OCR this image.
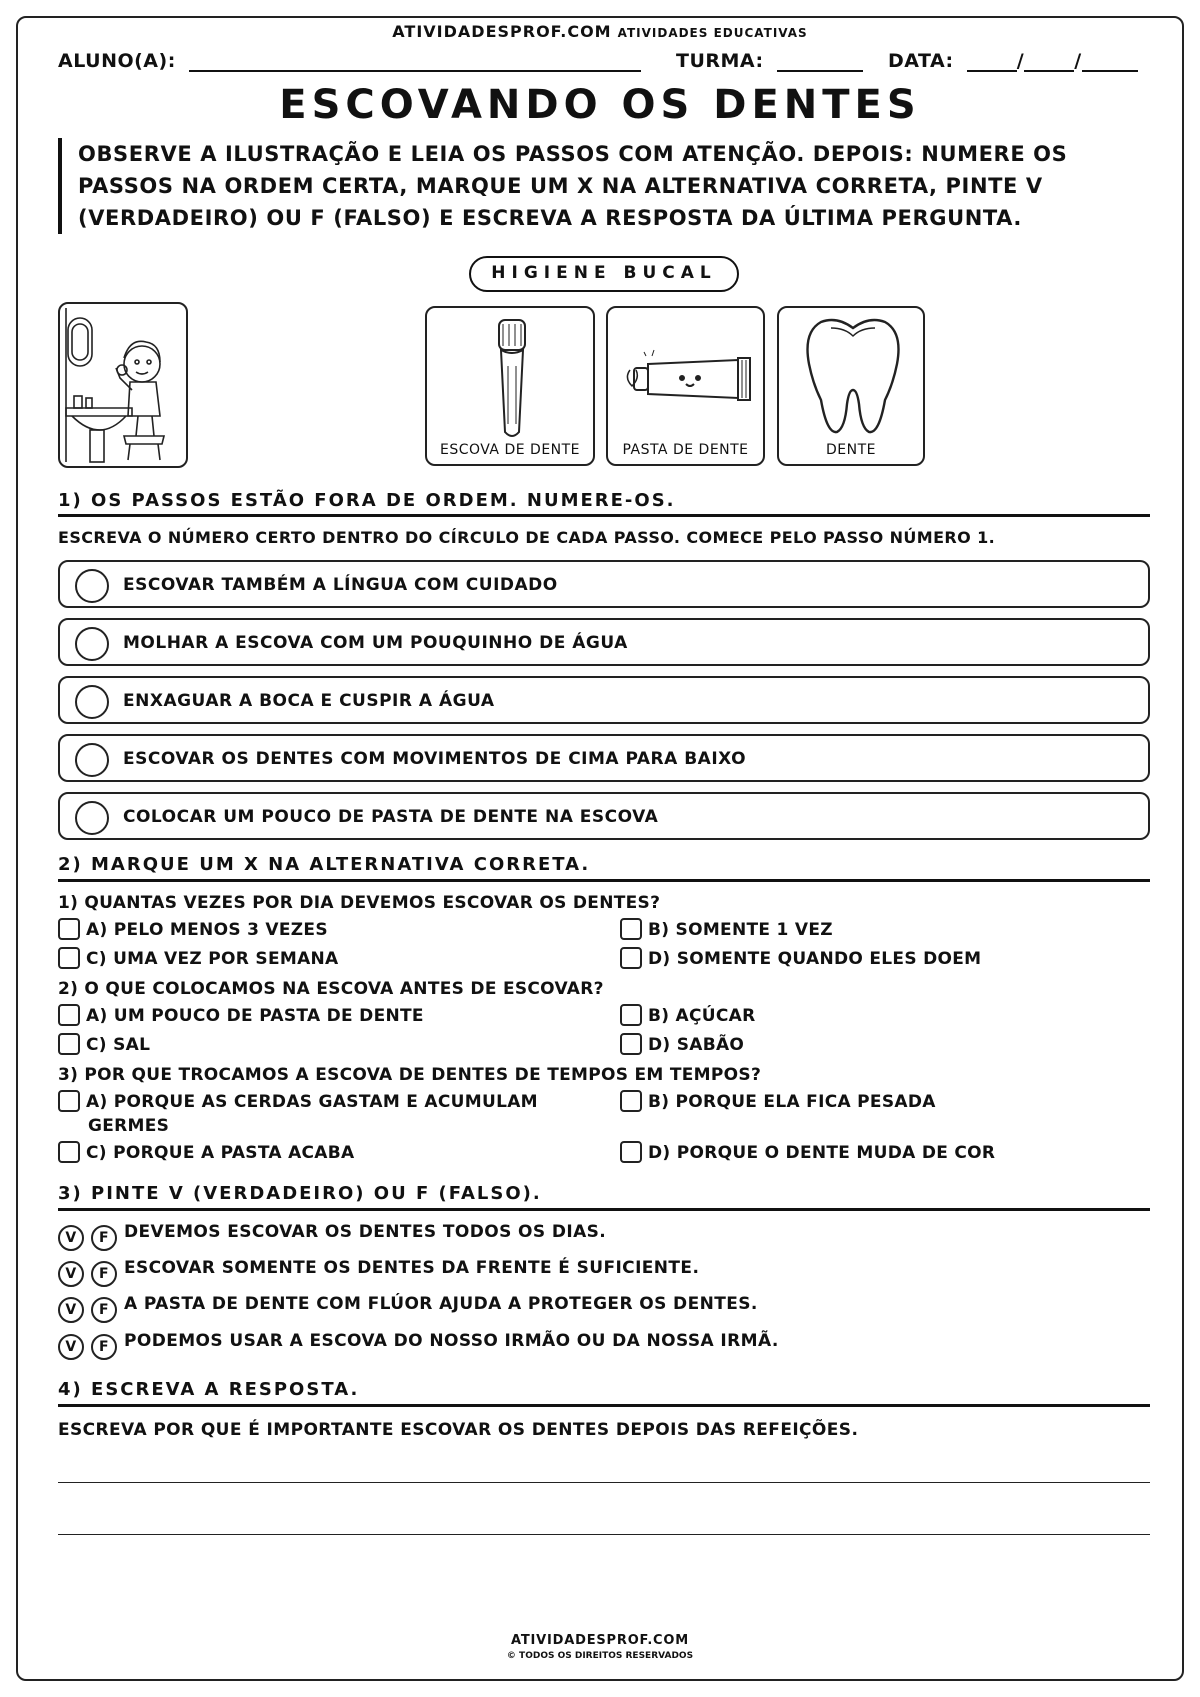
ATIVIDADESPROF.COM ATIVIDADES EDUCATIVAS
ALUNO(A):	TURMA:	DATA:	/	/
ESCOVANDO OS DENTES
OBSERVE A ILUSTRAÇÃO E LEIA OS PASSOS COM ATENÇÃO. DEPOIS: NUMERE OS PASSOS NA ORDEM CERTA, MARQUE UM X NA ALTERNATIVA CORRETA, PINTE V (VERDADEIRO) OU F (FALSO) E ESCREVA A RESPOSTA DA ÚLTIMA PERGUNTA.
HIGIENE BUCAL
ESCOVA DE DENTE	PASTA DE DENTE	DENTE
1) OS PASSOS ESTÃO FORA DE ORDEM. NUMERE-OS.
ESCREVA O NÚMERO CERTO DENTRO DO CÍRCULO DE CADA PASSO. COMECE PELO PASSO NÚMERO 1.
ESCOVAR TAMBÉM A LÍNGUA COM CUIDADO
MOLHAR A ESCOVA COM UM POUQUINHO DE ÁGUA
ENXAGUAR A BOCA E CUSPIR A ÁGUA
ESCOVAR OS DENTES COM MOVIMENTOS DE CIMA PARA BAIXO
COLOCAR UM POUCO DE PASTA DE DENTE NA ESCOVA
2) MARQUE UM X NA ALTERNATIVA CORRETA.
1) QUANTAS VEZES POR DIA DEVEMOS ESCOVAR OS DENTES?
A) PELO MENOS 3 VEZES	B) SOMENTE 1 VEZ
C) UMA VEZ POR SEMANA	D) SOMENTE QUANDO ELES DOEM
2) O QUE COLOCAMOS NA ESCOVA ANTES DE ESCOVAR?
A) UM POUCO DE PASTA DE DENTE	B) AÇÚCAR
C) SAL	D) SABÃO
3) POR QUE TROCAMOS A ESCOVA DE DENTES DE TEMPOS EM TEMPOS?
A) PORQUE AS CERDAS GASTAM E ACUMULAM GERMES
B) PORQUE ELA FICA PESADA
C) PORQUE A PASTA ACABA	D) PORQUE O DENTE MUDA DE COR
3) PINTE V (VERDADEIRO) OU F (FALSO).
V F DEVEMOS ESCOVAR OS DENTES TODOS OS DIAS.
V F ESCOVAR SOMENTE OS DENTES DA FRENTE É SUFICIENTE.
V F A PASTA DE DENTE COM FLÚOR AJUDA A PROTEGER OS DENTES.
V F PODEMOS USAR A ESCOVA DO NOSSO IRMÃO OU DA NOSSA IRMÃ.
4) ESCREVA A RESPOSTA.
ESCREVA POR QUE É IMPORTANTE ESCOVAR OS DENTES DEPOIS DAS REFEIÇÕES.
ATIVIDADESPROF.COM
© TODOS OS DIREITOS RESERVADOS
